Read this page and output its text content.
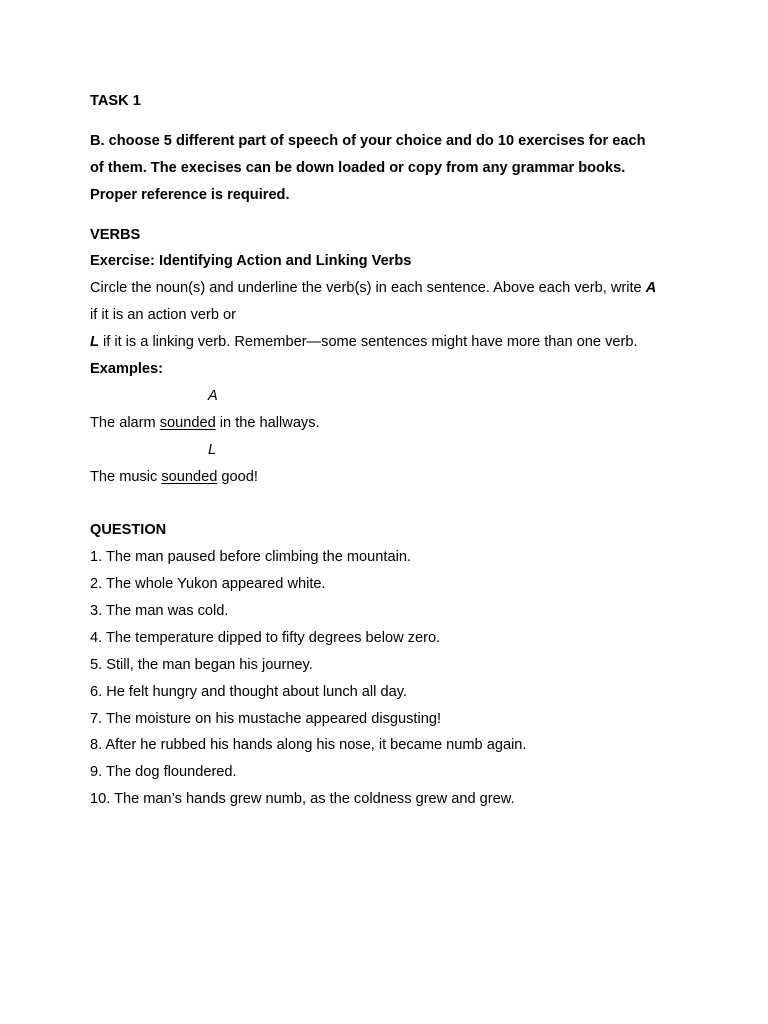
TASK 1
B. choose 5 different part of speech of your choice and do 10 exercises for each
of them. The execises can be down loaded or copy from any grammar books.
Proper reference is required.
VERBS
Exercise: Identifying Action and Linking Verbs
Circle the noun(s) and underline the verb(s) in each sentence. Above each verb, write A
if it is an action verb or
L if it is a linking verb. Remember—some sentences might have more than one verb.
Examples:
A
The alarm sounded in the hallways.
L
The music sounded good!
QUESTION
1. The man paused before climbing the mountain.
2. The whole Yukon appeared white.
3. The man was cold.
4. The temperature dipped to fifty degrees below zero.
5. Still, the man began his journey.
6. He felt hungry and thought about lunch all day.
7. The moisture on his mustache appeared disgusting!
8. After he rubbed his hands along his nose, it became numb again.
9. The dog floundered.
10. The man’s hands grew numb, as the coldness grew and grew.
